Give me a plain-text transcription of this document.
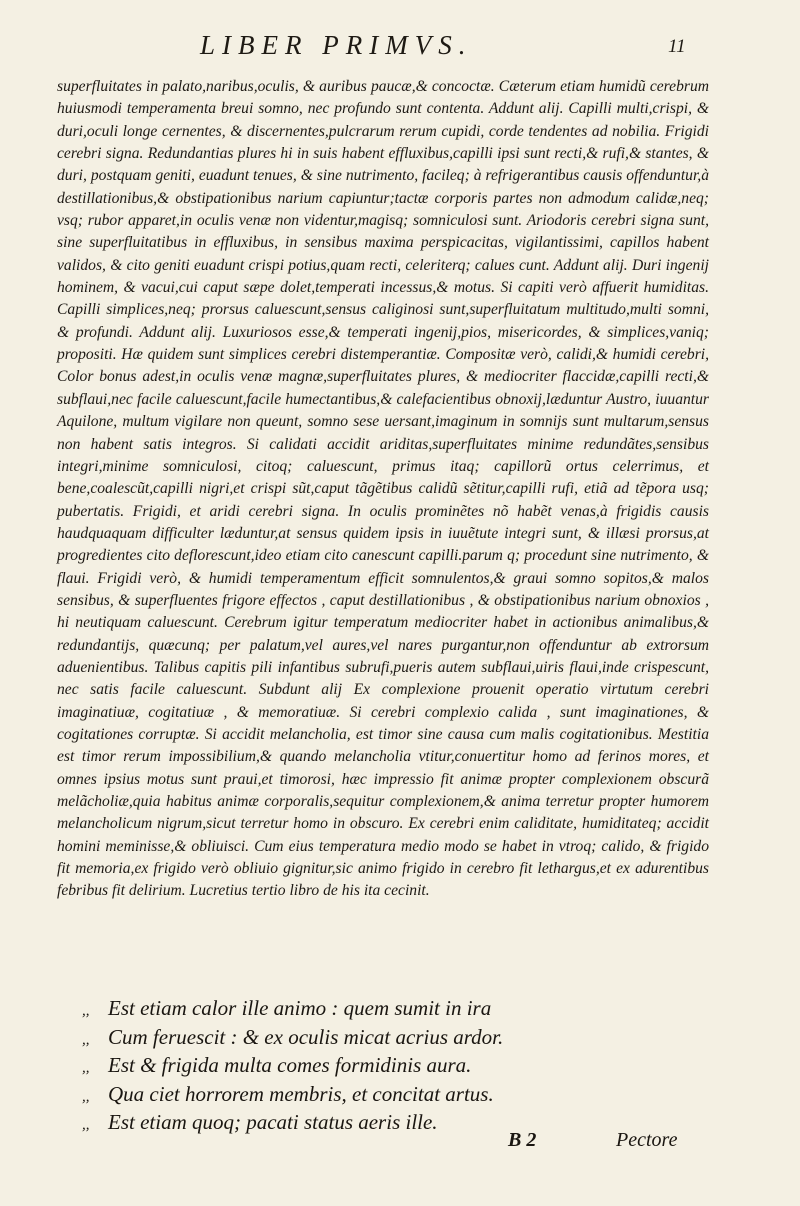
LIBER PRIMVS.	11

superfluitates in palato,naribus,oculis, & auribus paucæ,& concoctæ. Cæterum etiam humidũ cerebrum huiusmodi temperamenta breui somno, nec profundo sunt contenta. Addunt alij. Capilli multi,crispi, & duri,oculi longe cernentes, & discernentes,pulcrarum rerum cupidi, corde tendentes ad nobilia. Frigidi cerebri signa. Redundantias plures hi in suis habent effluxibus,capilli ipsi sunt recti,& rufi,& stantes, & duri, postquam geniti, euadunt tenues, & sine nutrimento, facileq; à refrigerantibus causis offenduntur,à destillationibus,& obstipationibus narium capiuntur;tactæ corporis partes non admodum calidæ,neq; vsq; rubor apparet,in oculis venæ non videntur,magisq; somniculosi sunt. Ariodoris cerebri signa sunt, sine superfluitatibus in effluxibus, in sensibus maxima perspicacitas, vigilantissimi, capillos habent validos, & cito geniti euadunt crispi potius,quam recti, celeriterq; calues cunt. Addunt alij. Duri ingenij hominem, & vacui,cui caput sæpe dolet,temperati incessus,& motus. Si capiti verò affuerit humiditas. Capilli simplices,neq; prorsus caluescunt,sensus caliginosi sunt,superfluitatum multitudo,multi somni, & profundi. Addunt alij. Luxuriosos esse,& temperati ingenij,pios, misericordes, & simplices,vaniq; propositi. Hæ quidem sunt simplices cerebri distemperantiæ. Compositæ verò, calidi,& humidi cerebri, Color bonus adest,in oculis venæ magnæ,superfluitates plures, & mediocriter flaccidæ,capilli recti,& subflaui,nec facile caluescunt,facile humectantibus,& calefacientibus obnoxij,læduntur Austro, iuuantur Aquilone, multum vigilare non queunt, somno sese uersant,imaginum in somnijs sunt multarum,sensus non habent satis integros. Si calidati accidit ariditas,superfluitates minime redundãtes,sensibus integri,minime somniculosi, citoq; caluescunt, primus itaq; capillorũ ortus celerrimus, et bene,coalescũt,capilli nigri,et crispi sũt,caput tãgẽtibus calidũ sẽtitur,capilli rufi, etiã ad tẽpora usq; pubertatis. Frigidi, et aridi cerebri signa. In oculis prominẽtes nõ habẽt venas,à frigidis causis haudquaquam difficulter læduntur,at sensus quidem ipsis in iuuẽtute integri sunt, & illæsi prorsus,at progredientes cito deflorescunt,ideo etiam cito canescunt capilli.parum q; procedunt sine nutrimento, & flaui. Frigidi verò, & humidi temperamentum efficit somnulentos,& graui somno sopitos,& malos sensibus, & superfluentes frigore effectos , caput destillationibus , & obstipationibus narium obnoxios , hi neutiquam caluescunt. Cerebrum igitur temperatum mediocriter habet in actionibus animalibus,& redundantijs, quæcunq; per palatum,vel aures,vel nares purgantur,non offenduntur ab extrorsum aduenientibus. Talibus capitis pili infantibus subrufi,pueris autem subflaui,uiris flaui,inde crispescunt, nec satis facile caluescunt. Subdunt alij Ex complexione prouenit operatio virtutum cerebri imaginatiuæ, cogitatiuæ , & memoratiuæ. Si cerebri complexio calida , sunt imaginationes, & cogitationes corruptæ. Si accidit melancholia, est timor sine causa cum malis cogitationibus. Mestitia est timor rerum impossibilium,& quando melancholia vtitur,conuertitur homo ad ferinos mores, et omnes ipsius motus sunt praui,et timorosi, hæc impressio fit animæ propter complexionem obscurã melãcholiæ,quia habitus animæ corporalis,sequitur complexionem,& anima terretur propter humorem melancholicum nigrum,sicut terretur homo in obscuro. Ex cerebri enim caliditate, humiditateq; accidit homini meminisse,& obliuisci. Cum eius temperatura medio modo se habet in vtroq; calido, & frigido fit memoria,ex frigido verò obliuio gignitur,sic animo frigido in cerebro fit lethargus,et ex adurentibus febribus fit delirium. Lucretius tertio libro de his ita cecinit.

,, Est etiam calor ille animo : quem sumit in ira
,, Cum feruescit : & ex oculis micat acrius ardor.
,, Est & frigida multa comes formidinis aura.
,, Qua ciet horrorem membris, et concitat artus.
,, Est etiam quoq; pacati status aeris ille.
B 2	Pectore
